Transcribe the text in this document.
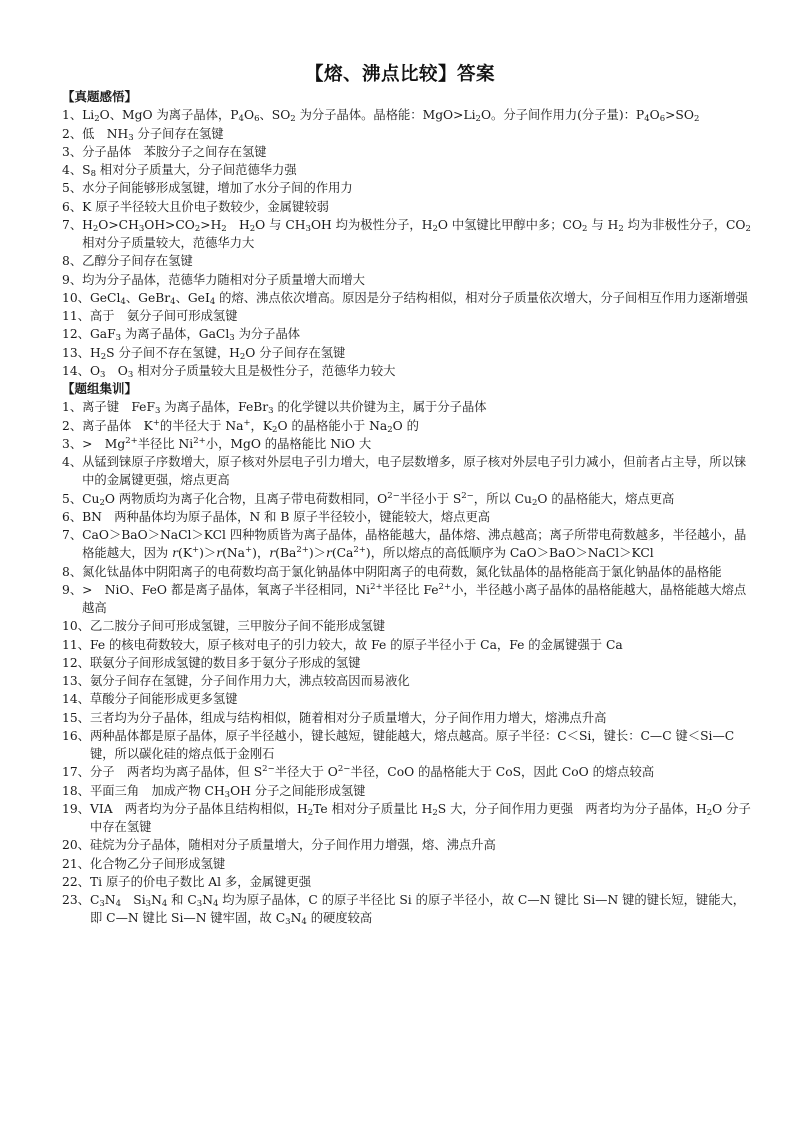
【熔、沸点比较】答案
【真题感悟】
1、 $Li_2O$、MgO 为离子晶体，$P_4O_6$、$SO_2$ 为分子晶体。晶格能：$MgO>Li_2O$。分子间作用力(分子量)：$P_4O_6>SO_2$
2、 低　$NH_3$ 分子间存在氢键
3、 分子晶体　苯胺分子之间存在氢键
4、 $S_8$ 相对分子质量大，分子间范德华力强
5、 水分子间能够形成氢键，增加了水分子间的作用力
6、 K 原子半径较大且价电子数较少，金属键较弱
7、 $H_2O>CH_3OH>CO_2>H_2$　$H_2O$ 与 $CH_3OH$ 均为极性分子，$H_2O$ 中氢键比甲醇中多；$CO_2$ 与 $H_2$ 均为非极性分子，$CO_2$ 相对分子质量较大，范德华力大
8、 乙醇分子间存在氢键
9、 均为分子晶体，范德华力随相对分子质量增大而增大
10、 GeCl$_4$、GeBr$_4$、GeI$_4$ 的熔、沸点依次增高。原因是分子结构相似，相对分子质量依次增大，分子间相互作用力逐渐增强
11、 高于　氨分子间可形成氢键
12、 GaF$_3$ 为离子晶体，GaCl$_3$ 为分子晶体
13、 $H_2S$ 分子间不存在氢键，$H_2O$ 分子间存在氢键
14、 $O_3$　$O_3$ 相对分子质量较大且是极性分子，范德华力较大
【题组集训】
1、 离子键　FeF$_3$ 为离子晶体，FeBr$_3$ 的化学键以共价键为主，属于分子晶体
2、 离子晶体　K+的半径大于 Na+，$K_2O$ 的晶格能小于 $Na_2O$ 的
3、 >　$Mg^{2+}$半径比 $Ni^{2+}$小，MgO 的晶格能比 NiO 大
4、 从锰到铼原子序数增大，原子核对外层电子引力增大，电子层数增多，原子核对外层电子引力减小，但前者占主导，所以铼中的金属键更强，熔点更高
5、 $Cu_2O$ 两物质均为离子化合物，且离子带电荷数相同，$O^{2-}$半径小于 $S^{2-}$，所以 $Cu_2O$ 的晶格能大，熔点更高
6、 BN　两种晶体均为原子晶体，N 和 B 原子半径较小，键能较大，熔点更高
7、 CaO＞BaO＞NaCl＞KCl 四种物质皆为离子晶体，晶格能越大，晶体熔、沸点越高；离子所带电荷数越多，半径越小，晶格能越大，因为 r(K+)＞r(Na+)，$r(Ba^{2+})>r(Ca^{2+})$，所以熔点的高低顺序为 CaO＞BaO＞NaCl＞KCl
8、 氮化钛晶体中阴阳离子的电荷数均高于氯化钠晶体中阴阳离子的电荷数，氮化钛晶体的晶格能高于氯化钠晶体的晶格能
9、 >　NiO、FeO 都是离子晶体，氧离子半径相同，$Ni^{2+}$半径比 $Fe^{2+}$小，半径越小离子晶体的晶格能越大，晶格能越大熔点越高
10、 乙二胺分子间可形成氢键，三甲胺分子间不能形成氢键
11、 Fe 的核电荷数较大，原子核对电子的引力较大，故 Fe 的原子半径小于 Ca，Fe 的金属键强于 Ca
12、 联氨分子间形成氢键的数目多于氨分子形成的氢键
13、 氨分子间存在氢键，分子间作用力大，沸点较高因而易液化
14、 草酸分子间能形成更多氢键
15、 三者均为分子晶体，组成与结构相似，随着相对分子质量增大，分子间作用力增大，熔沸点升高
16、 两种晶体都是原子晶体，原子半径越小，键长越短，键能越大，熔点越高。原子半径：C＜Si，键长：C—C 键＜Si—C 键，所以碳化硅的熔点低于金刚石
17、 分子　两者均为离子晶体，但 $S^{2-}$半径大于 $O^{2-}$半径，CoO 的晶格能大于 CoS，因此 CoO 的熔点较高
18、 平面三角　加成产物 $CH_3OH$ 分子之间能形成氢键
19、 VIA　两者均为分子晶体且结构相似，$H_2Te$ 相对分子质量比 $H_2S$ 大，分子间作用力更强　两者均为分子晶体，$H_2O$ 分子中存在氢键
20、 硅烷为分子晶体，随相对分子质量增大，分子间作用力增强，熔、沸点升高
21、 化合物乙分子间形成氢键
22、 Ti 原子的价电子数比 Al 多，金属键更强
23、 $C_3N_4$　$Si_3N_4$ 和 $C_3N_4$ 均为原子晶体，C 的原子半径比 Si 的原子半径小，故 C—N 键比 Si—N 键的键长短，键能大，即 C—N 键比 Si—N 键牢固，故 $C_3N_4$ 的硬度较高
